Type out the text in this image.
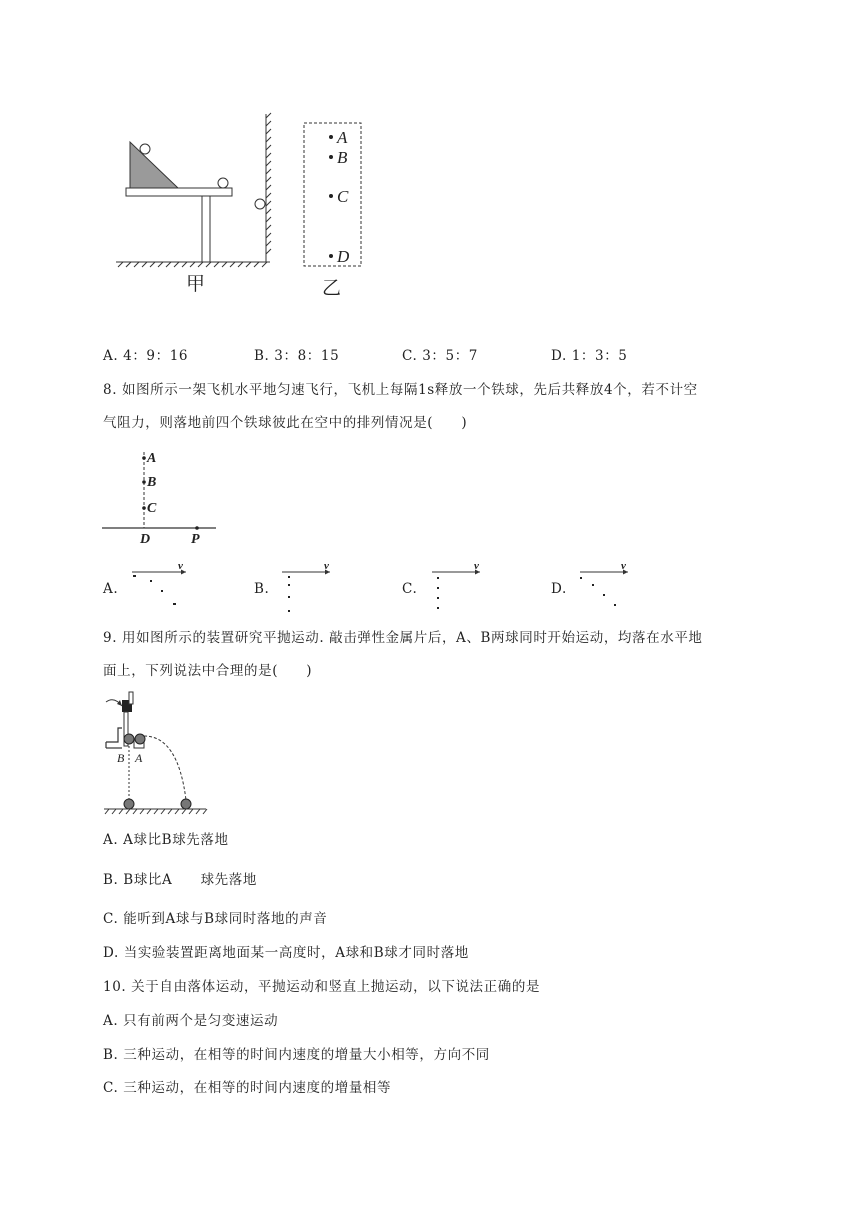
A
B
C
D
甲	乙
A. 4：9：16	B. 3：8：15	C. 3：5：7	D. 1：3：5
8. 如图所示一架飞机水平地匀速飞行，飞机上每隔1s释放一个铁球，先后共释放4个，若不计空
气阻力，则落地前四个铁球彼此在空中的排列情况是(　　)
A
B
C
D	P
A.	B.	C.	D.
v	v	v	v
9. 用如图所示的装置研究平抛运动. 敲击弹性金属片后，A、B两球同时开始运动，均落在水平地
面上，下列说法中合理的是(　　)
B A
A. A球比B球先落地
B. B球比A　　球先落地
C. 能听到A球与B球同时落地的声音
D. 当实验装置距离地面某一高度时，A球和B球才同时落地
10. 关于自由落体运动，平抛运动和竖直上抛运动，以下说法正确的是
A. 只有前两个是匀变速运动
B. 三种运动，在相等的时间内速度的增量大小相等，方向不同
C. 三种运动，在相等的时间内速度的增量相等
